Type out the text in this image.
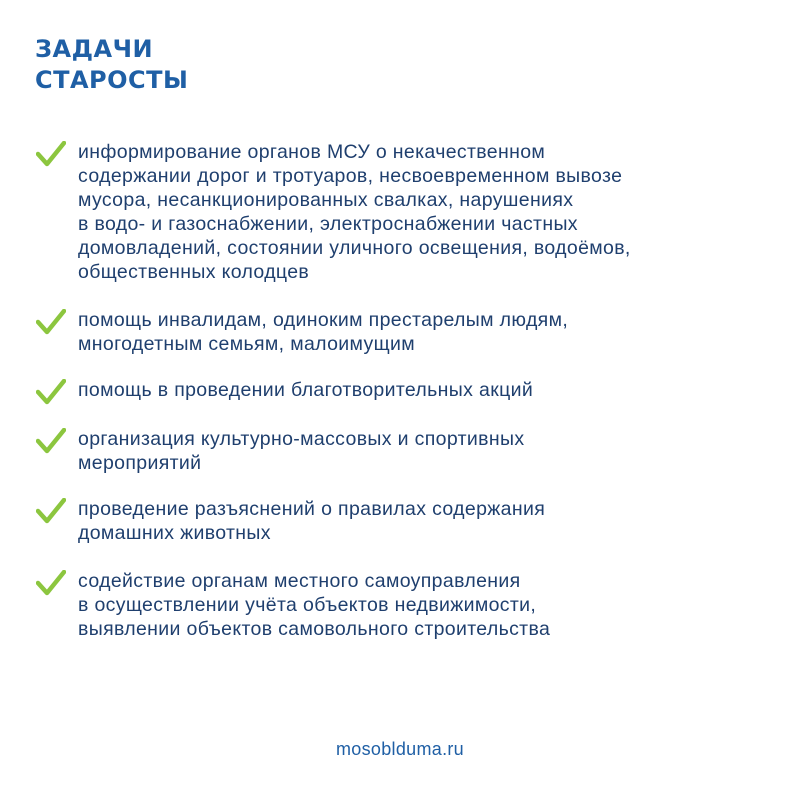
ЗАДАЧИ
СТАРОСТЫ

информирование органов МСУ о некачественном
содержании дорог и тротуаров, несвоевременном вывозе
мусора, несанкционированных свалках, нарушениях
в водо- и газоснабжении, электроснабжении частных
домовладений, состоянии уличного освещения, водоёмов,
общественных колодцев

помощь инвалидам, одиноким престарелым людям,
многодетным семьям, малоимущим

помощь в проведении благотворительных акций

организация культурно-массовых и спортивных
мероприятий

проведение разъяснений о правилах содержания
домашних животных

содействие органам местного самоуправления
в осуществлении учёта объектов недвижимости,
выявлении объектов самовольного строительства

mosoblduma.ru
